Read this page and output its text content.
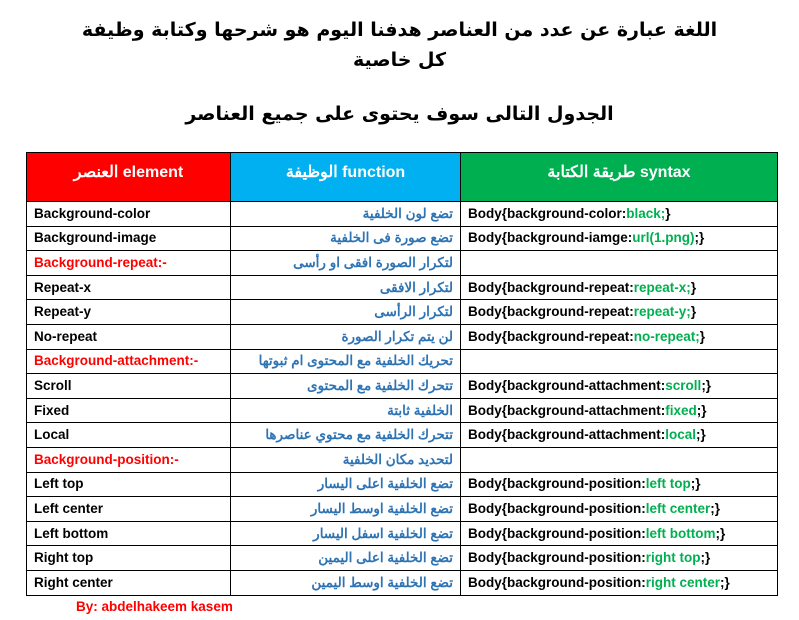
اللغة عبارة عن عدد من العناصر هدفنا اليوم هو شرحها وكتابة وظيفة

كل خاصية

الجدول التالى سوف يحتوى على جميع العناصر

العنصر element	الوظيفة function	طريقة الكتابة syntax
Background-color	تضع لون الخلفية	Body{background-color:black;}
Background-image	تضع صورة فى الخلفية	Body{background-iamge:url(1.png);}
Background-repeat:-	لتكرار الصورة افقى او رأسى	
Repeat-x	لتكرار الافقى	Body{background-repeat:repeat-x;}
Repeat-y	لتكرار الرأسى	Body{background-repeat:repeat-y;}
No-repeat	لن يتم تكرار الصورة	Body{background-repeat:no-repeat;}
Background-attachment:-	تحريك الخلفية مع المحتوى ام ثبوتها	
Scroll	تتحرك الخلفية مع المحتوى	Body{background-attachment:scroll;}
Fixed	الخلفية ثابتة	Body{background-attachment:fixed;}
Local	تتحرك الخلفية مع محتوي عناصرها	Body{background-attachment:local;}
Background-position:-	لتحديد مكان الخلفية	
Left top	تضع الخلفية اعلى اليسار	Body{background-position:left top;}
Left center	تضع الخلفية اوسط اليسار	Body{background-position:left center;}
Left bottom	تضع الخلفية اسفل اليسار	Body{background-position:left bottom;}
Right top	تضع الخلفية اعلى اليمين	Body{background-position:right top;}
Right center	تضع الخلفية اوسط اليمين	Body{background-position:right center;}
By: abdelhakeem kasem
